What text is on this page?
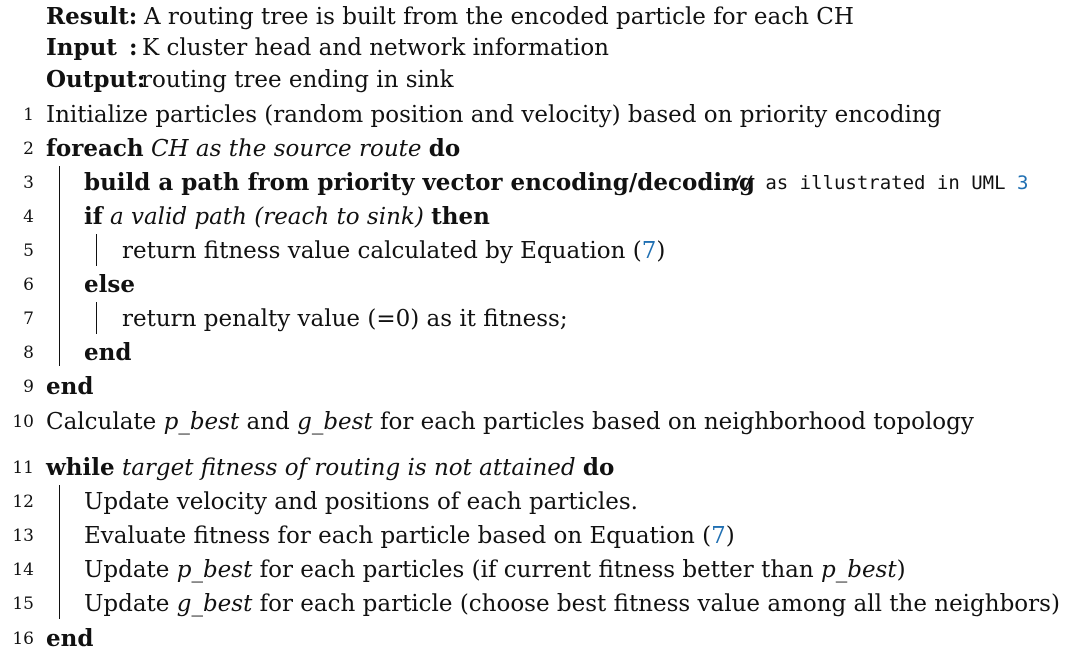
Result: A routing tree is built from the encoded particle for each CH
Input : K cluster head and network information
Output:
routing tree ending in sink
1 Initialize particles (random position and velocity) based on priority encoding
2 foreach CH as the source route do
3 build a path from priority vector encoding/decoding
// as illustrated in UML 3
4 if a valid path (reach to sink) then
5	return fitness value calculated by Equation (7)
6 else
7	return penalty value (=0) as it fitness;
8 end
9 end
10 Calculate p_best and g_best for each particles based on neighborhood topology
11 while target fitness of routing is not attained do
12 Update velocity and positions of each particles.
13 Evaluate fitness for each particle based on Equation (7)
14 Update p_best for each particles (if current fitness better than p_best)
15 Update g_best for each particle (choose best fitness value among all the neighbors)
16 end
